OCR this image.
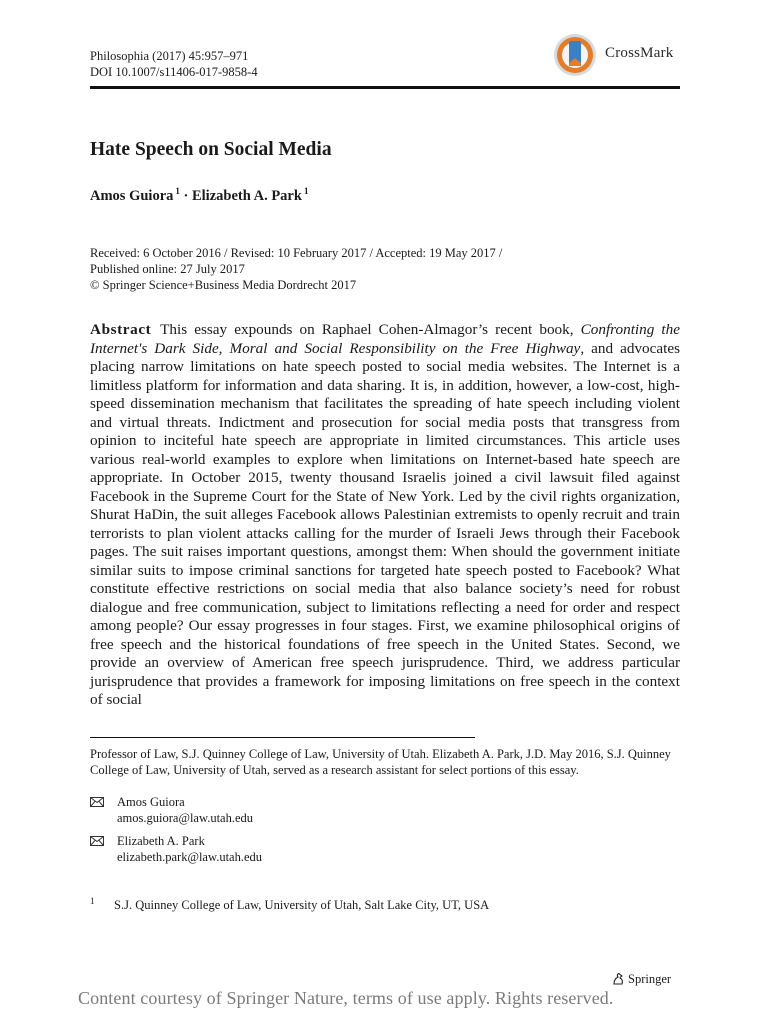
Philosophia (2017) 45:957–971
DOI 10.1007/s11406-017-9858-4
CrossMark
Hate Speech on Social Media
Amos Guiora $^1$ · Elizabeth A. Park $^1$
Received: 6 October 2016 / Revised: 10 February 2017 / Accepted: 19 May 2017 /
Published online: 27 July 2017
© Springer Science+Business Media Dordrecht 2017
Abstract This essay expounds on Raphael Cohen-Almagor’s recent book, Confronting the Internet's Dark Side, Moral and Social Responsibility on the Free Highway, and advocates placing narrow limitations on hate speech posted to social media websites. The Internet is a limitless platform for information and data sharing. It is, in addition, however, a low-cost, high-speed dissemination mechanism that facilitates the spreading of hate speech including violent and virtual threats. Indictment and prosecution for social media posts that transgress from opinion to inciteful hate speech are appropriate in limited circumstances. This article uses various real-world examples to explore when limitations on Internet-based hate speech are appropriate. In October 2015, twenty thousand Israelis joined a civil lawsuit filed against Facebook in the Supreme Court for the State of New York. Led by the civil rights organization, Shurat HaDin, the suit alleges Facebook allows Palestinian extremists to openly recruit and train terrorists to plan violent attacks calling for the murder of Israeli Jews through their Facebook pages. The suit raises important questions, amongst them: When should the government initiate similar suits to impose criminal sanctions for targeted hate speech posted to Facebook? What constitute effective restrictions on social media that also balance society’s need for robust dialogue and free communication, subject to limitations reflecting a need for order and respect among people? Our essay progresses in four stages. First, we examine philosophical origins of free speech and the historical foundations of free speech in the United States. Second, we provide an overview of American free speech jurisprudence. Third, we address particular jurisprudence that provides a framework for imposing limitations on free speech in the context of social
Professor of Law, S.J. Quinney College of Law, University of Utah. Elizabeth A. Park, J.D. May 2016, S.J. Quinney College of Law, University of Utah, served as a research assistant for select portions of this essay.
Amos Guiora
amos.guiora@law.utah.edu
Elizabeth A. Park
elizabeth.park@law.utah.edu
1 S.J. Quinney College of Law, University of Utah, Salt Lake City, UT, USA
Springer
Content courtesy of Springer Nature, terms of use apply. Rights reserved.
